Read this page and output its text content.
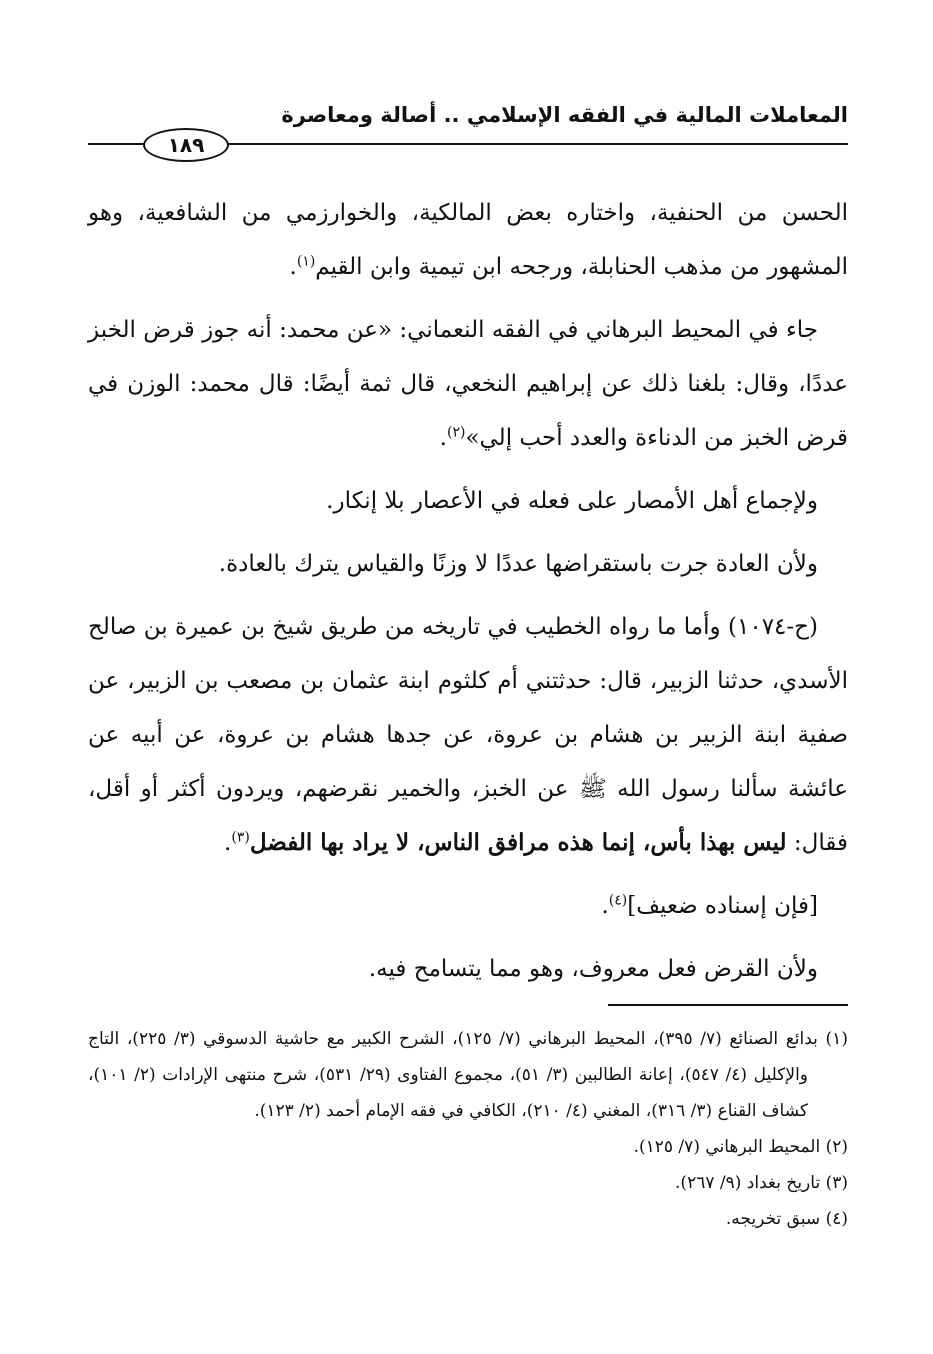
المعاملات المالية في الفقه الإسلامي .. أصالة ومعاصرة
١٨٩

الحسن من الحنفية، واختاره بعض المالكية، والخوارزمي من الشافعية، وهو المشهور من مذهب الحنابلة، ورجحه ابن تيمية وابن القيم$^{(١)}$.

جاء في المحيط البرهاني في الفقه النعماني: «عن محمد: أنه جوز قرض الخبز عددًا، وقال: بلغنا ذلك عن إبراهيم النخعي، قال ثمة أيضًا: قال محمد: الوزن في قرض الخبز من الدناءة والعدد أحب إلي»$^{(٢)}$.

ولإجماع أهل الأمصار على فعله في الأعصار بلا إنكار.

ولأن العادة جرت باستقراضها عددًا لا وزنًا والقياس يترك بالعادة.

(ح-١٠٧٤) وأما ما رواه الخطيب في تاريخه من طريق شيخ بن عميرة بن صالح الأسدي، حدثنا الزبير، قال: حدثتني أم كلثوم ابنة عثمان بن مصعب بن الزبير، عن صفية ابنة الزبير بن هشام بن عروة، عن جدها هشام بن عروة، عن أبيه عن عائشة سألنا رسول الله ﷺ عن الخبز، والخمير نقرضهم، ويردون أكثر أو أقل، فقال: ليس بهذا بأس، إنما هذه مرافق الناس، لا يراد بها الفضل$^{(٣)}$.

[فإن إسناده ضعيف]$^{(٤)}$.

ولأن القرض فعل معروف، وهو مما يتسامح فيه.

(١) بدائع الصنائع (٧/ ٣٩٥)، المحيط البرهاني (٧/ ١٢٥)، الشرح الكبير مع حاشية الدسوقي (٣/ ٢٢٥)، التاج والإكليل (٤/ ٥٤٧)، إعانة الطالبين (٣/ ٥١)، مجموع الفتاوى (٢٩/ ٥٣١)، شرح منتهى الإرادات (٢/ ١٠١)، كشاف القناع (٣/ ٣١٦)، المغني (٤/ ٢١٠)، الكافي في فقه الإمام أحمد (٢/ ١٢٣).

(٢) المحيط البرهاني (٧/ ١٢٥).

(٣) تاريخ بغداد (٩/ ٢٦٧).

(٤) سبق تخريجه.
